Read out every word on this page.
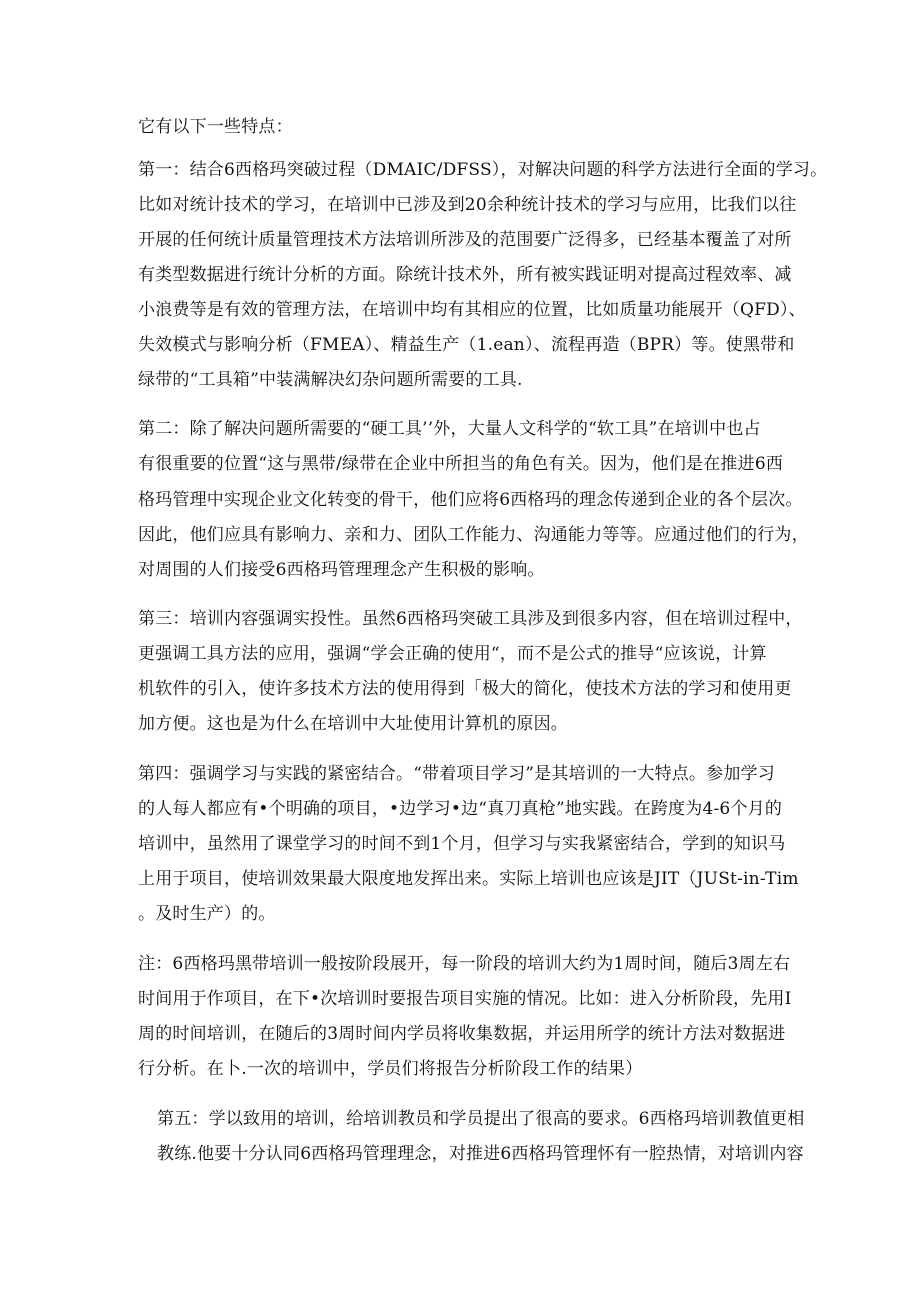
它有以下一些特点：
第一：结合6西格玛突破过程（DMAIC/DFSS），对解决问题的科学方法进行全面的学习。
比如对统计技术的学习，在培训中已涉及到20余种统计技术的学习与应用，比我们以往
开展的任何统计质量管理技术方法培训所涉及的范围要广泛得多，已经基本覆盖了对所
有类型数据进行统计分析的方面。除统计技术外，所有被实践证明对提高过程效率、减
小浪费等是有效的管理方法，在培训中均有其相应的位置，比如质量功能展开（QFD）、
失效模式与影响分析（FMEA）、精益生产（1.ean）、流程再造（BPR）等。使黑带和
绿带的“工具箱”中装满解决幻杂问题所需要的工具.
第二：除了解决问题所需要的“硬工具’’外，大量人文科学的“软工具”在培训中也占
有很重要的位置“这与黑带/绿带在企业中所担当的角色有关。因为，他们是在推进6西
格玛管理中实现企业文化转变的骨干，他们应将6西格玛的理念传递到企业的各个层次。
因此，他们应具有影响力、亲和力、团队工作能力、沟通能力等等。应通过他们的行为，
对周围的人们接受6西格玛管理理念产生积极的影响。
第三：培训内容强调实投性。虽然6西格玛突破工具涉及到很多内容，但在培训过程中，
更强调工具方法的应用，强调“学会正确的使用“，而不是公式的推导“应该说，计算
机软件的引入，使许多技术方法的使用得到「极大的简化，使技术方法的学习和使用更
加方便。这也是为什么在培训中大址使用计算机的原因。
第四：强调学习与实践的紧密结合。“带着项目学习”是其培训的一大特点。参加学习
的人每人都应有•个明确的项目，•边学习•边“真刀真枪”地实践。在跨度为4-6个月的
培训中，虽然用了课堂学习的时间不到1个月，但学习与实我紧密结合，学到的知识马
上用于项目，使培训效果最大限度地发挥出来。实际上培训也应该是JIT（JUSt-in-Tim
。及时生产）的。
注：6西格玛黑带培训一般按阶段展开，每一阶段的培训大约为1周时间，随后3周左右
时间用于作项目，在下•次培训时要报告项目实施的情况。比如：进入分析阶段，先用I
周的时间培训，在随后的3周时间内学员将收集数据，并运用所学的统计方法对数据进
行分析。在卜.一次的培训中，学员们将报告分析阶段工作的结果）
第五：学以致用的培训，给培训教员和学员提出了很高的要求。6西格玛培训教值更相
教练.他要十分认同6西格玛管理理念，对推进6西格玛管理怀有一腔热情，对培训内容
